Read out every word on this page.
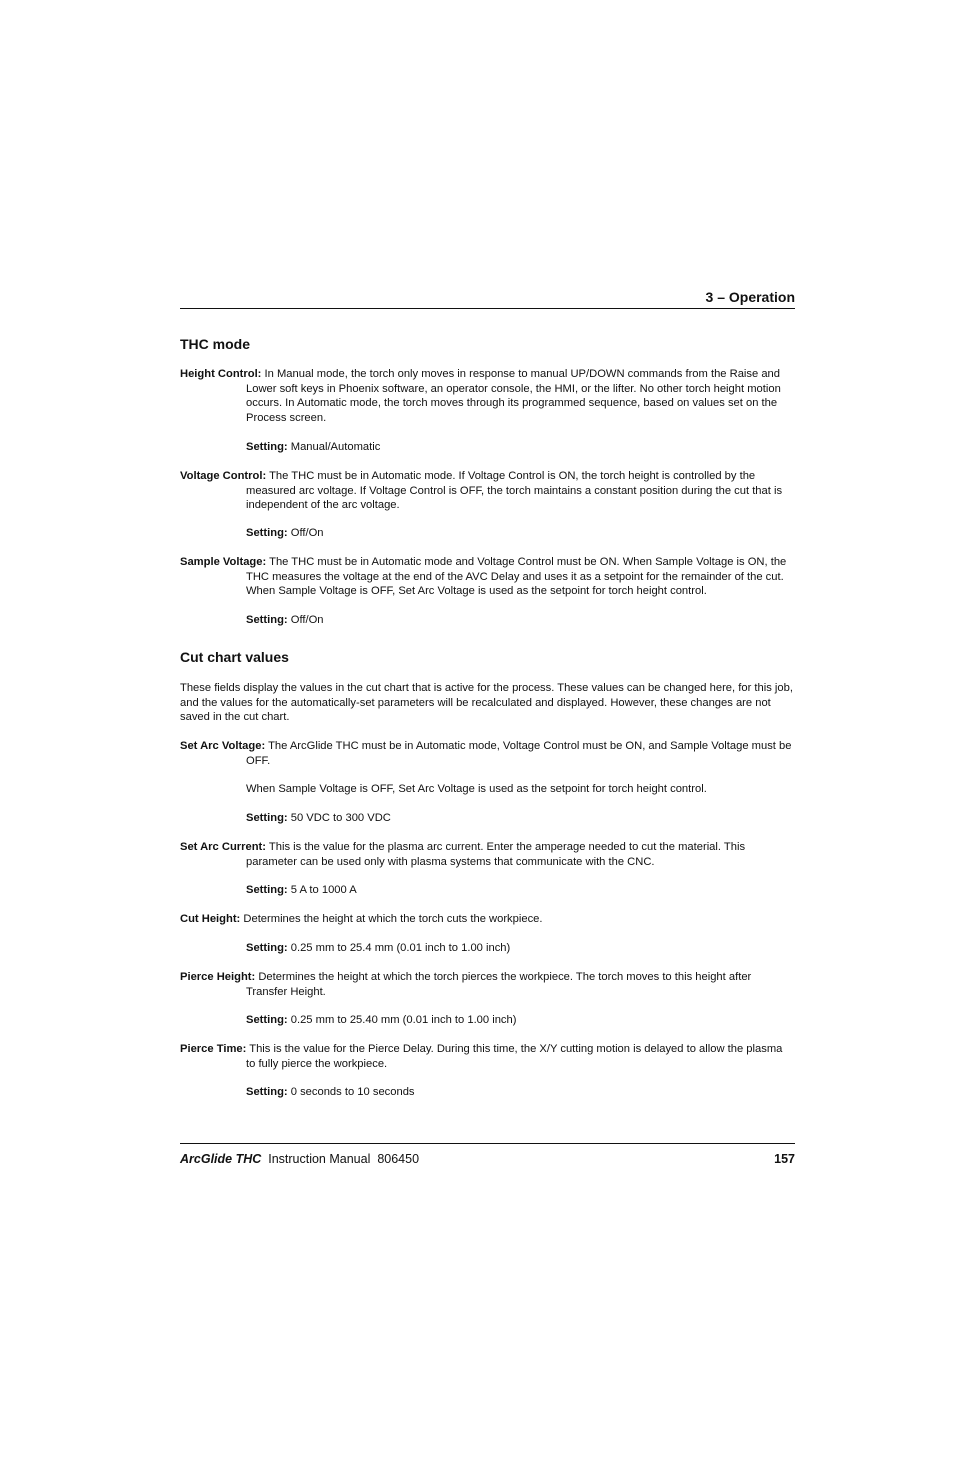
3 – Operation
THC mode
Height Control: In Manual mode, the torch only moves in response to manual UP/DOWN commands from the Raise and Lower soft keys in Phoenix software, an operator console, the HMI, or the lifter. No other torch height motion occurs. In Automatic mode, the torch moves through its programmed sequence, based on values set on the Process screen.
Setting: Manual/Automatic
Voltage Control: The THC must be in Automatic mode. If Voltage Control is ON, the torch height is controlled by the measured arc voltage. If Voltage Control is OFF, the torch maintains a constant position during the cut that is independent of the arc voltage.
Setting: Off/On
Sample Voltage: The THC must be in Automatic mode and Voltage Control must be ON. When Sample Voltage is ON, the THC measures the voltage at the end of the AVC Delay and uses it as a setpoint for the remainder of the cut. When Sample Voltage is OFF, Set Arc Voltage is used as the setpoint for torch height control.
Setting: Off/On
Cut chart values
These fields display the values in the cut chart that is active for the process. These values can be changed here, for this job, and the values for the automatically-set parameters will be recalculated and displayed. However, these changes are not saved in the cut chart.
Set Arc Voltage: The ArcGlide THC must be in Automatic mode, Voltage Control must be ON, and Sample Voltage must be OFF.
When Sample Voltage is OFF, Set Arc Voltage is used as the setpoint for torch height control.
Setting: 50 VDC to 300 VDC
Set Arc Current: This is the value for the plasma arc current. Enter the amperage needed to cut the material. This parameter can be used only with plasma systems that communicate with the CNC.
Setting: 5 A to 1000 A
Cut Height: Determines the height at which the torch cuts the workpiece.
Setting: 0.25 mm to 25.4 mm (0.01 inch to 1.00 inch)
Pierce Height: Determines the height at which the torch pierces the workpiece. The torch moves to this height after Transfer Height.
Setting: 0.25 mm to 25.40 mm (0.01 inch to 1.00 inch)
Pierce Time: This is the value for the Pierce Delay. During this time, the X/Y cutting motion is delayed to allow the plasma to fully pierce the workpiece.
Setting: 0 seconds to 10 seconds
ArcGlide THC Instruction Manual 806450	157
